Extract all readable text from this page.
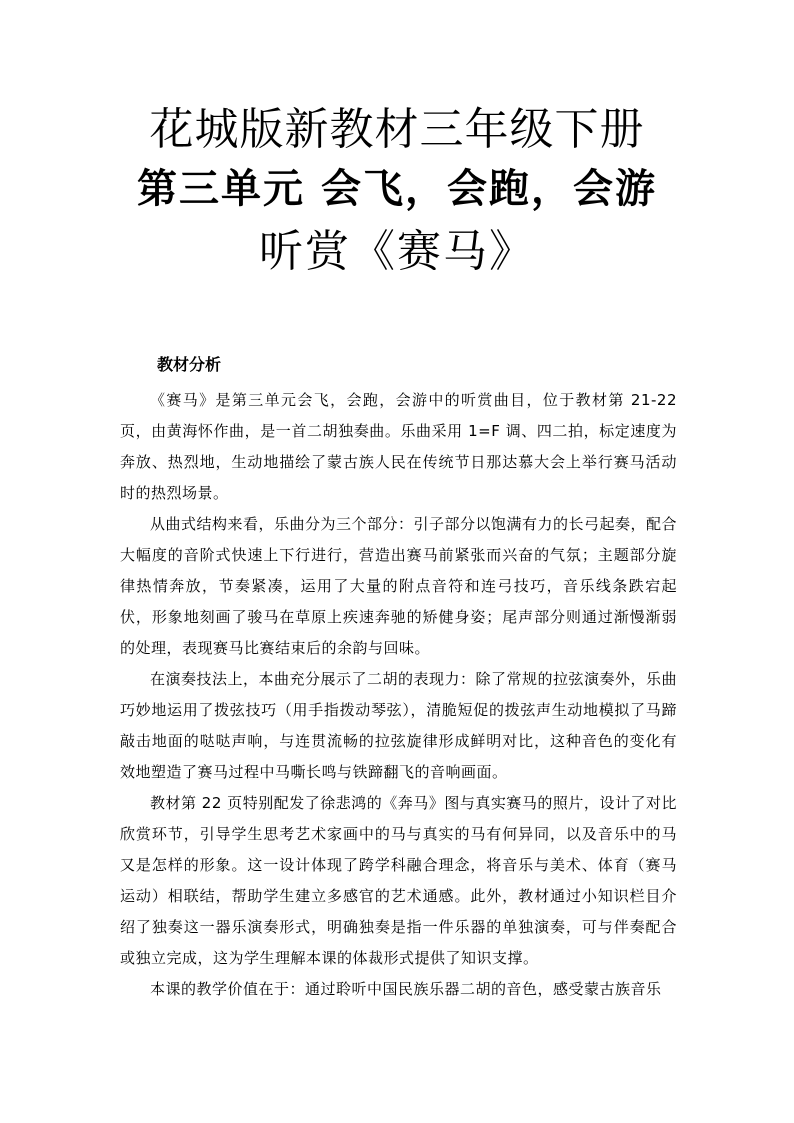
花城版新教材三年级下册
第三单元 会飞，会跑，会游
听赏《赛马》
教材分析

《赛马》是第三单元会飞，会跑，会游中的听赏曲目，位于教材第 21-22 页，由黄海怀作曲，是一首二胡独奏曲。乐曲采用 1=F 调、四二拍，标定速度为奔放、热烈地，生动地描绘了蒙古族人民在传统节日那达慕大会上举行赛马活动时的热烈场景。

从曲式结构来看，乐曲分为三个部分：引子部分以饱满有力的长弓起奏，配合大幅度的音阶式快速上下行进行，营造出赛马前紧张而兴奋的气氛；主题部分旋律热情奔放，节奏紧凑，运用了大量的附点音符和连弓技巧，音乐线条跌宕起伏，形象地刻画了骏马在草原上疾速奔驰的矫健身姿；尾声部分则通过渐慢渐弱的处理，表现赛马比赛结束后的余韵与回味。

在演奏技法上，本曲充分展示了二胡的表现力：除了常规的拉弦演奏外，乐曲巧妙地运用了拨弦技巧（用手指拨动琴弦），清脆短促的拨弦声生动地模拟了马蹄敲击地面的哒哒声响，与连贯流畅的拉弦旋律形成鲜明对比，这种音色的变化有效地塑造了赛马过程中马嘶长鸣与铁蹄翻飞的音响画面。

教材第 22 页特别配发了徐悲鸿的《奔马》图与真实赛马的照片，设计了对比欣赏环节，引导学生思考艺术家画中的马与真实的马有何异同，以及音乐中的马又是怎样的形象。这一设计体现了跨学科融合理念，将音乐与美术、体育（赛马运动）相联结，帮助学生建立多感官的艺术通感。此外，教材通过小知识栏目介绍了独奏这一器乐演奏形式，明确独奏是指一件乐器的单独演奏，可与伴奏配合或独立完成，这为学生理解本课的体裁形式提供了知识支撑。

本课的教学价值在于：通过聆听中国民族乐器二胡的音色，感受蒙古族音乐
